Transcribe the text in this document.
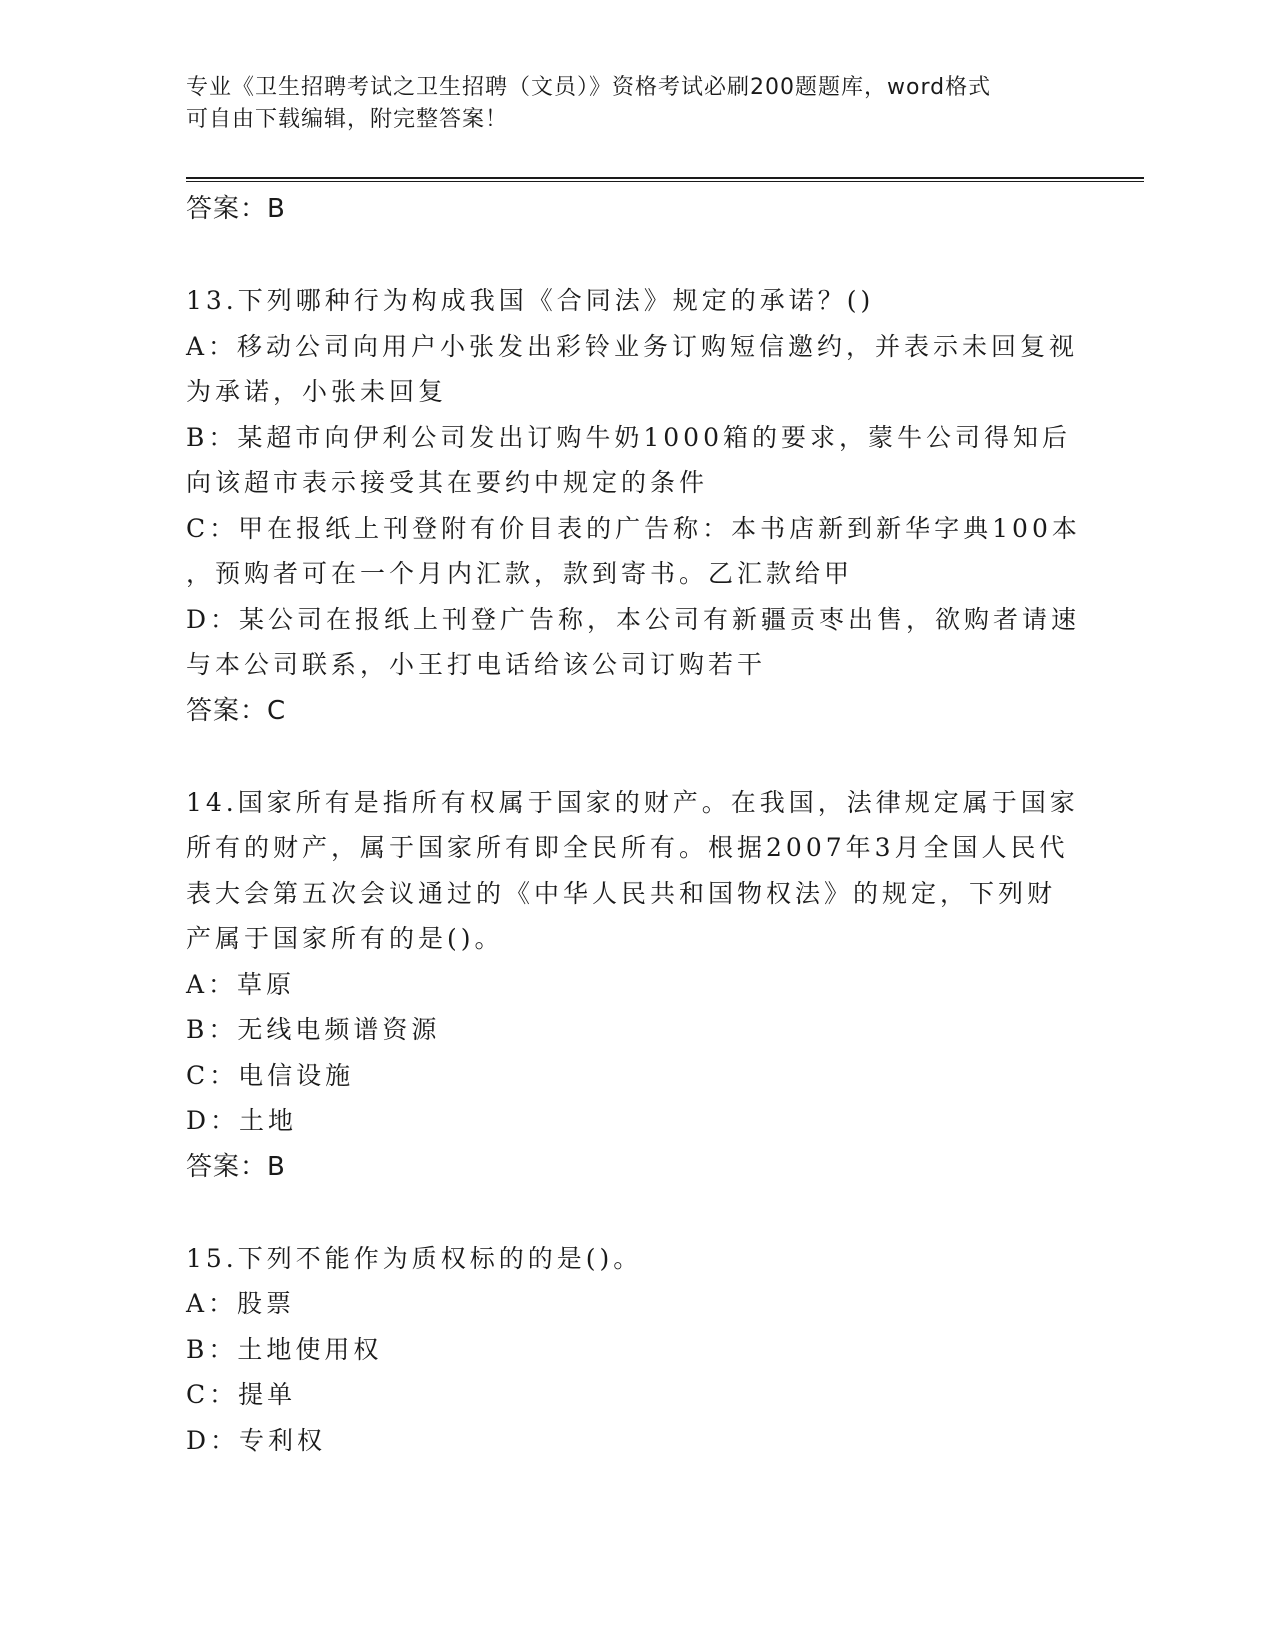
专业《卫生招聘考试之卫生招聘（文员）》资格考试必刷200题题库，word格式
可自由下载编辑，附完整答案！
答案：B
13.下列哪种行为构成我国《合同法》规定的承诺？()
A：移动公司向用户小张发出彩铃业务订购短信邀约，并表示未回复视
为承诺，小张未回复
B：某超市向伊利公司发出订购牛奶1000箱的要求，蒙牛公司得知后
向该超市表示接受其在要约中规定的条件
C：甲在报纸上刊登附有价目表的广告称：本书店新到新华字典100本
，预购者可在一个月内汇款，款到寄书。乙汇款给甲
D：某公司在报纸上刊登广告称，本公司有新疆贡枣出售，欲购者请速
与本公司联系，小王打电话给该公司订购若干
答案：C
14.国家所有是指所有权属于国家的财产。在我国，法律规定属于国家
所有的财产，属于国家所有即全民所有。根据2007年3月全国人民代
表大会第五次会议通过的《中华人民共和国物权法》的规定，下列财
产属于国家所有的是()。
A：草原
B：无线电频谱资源
C：电信设施
D：土地
答案：B
15.下列不能作为质权标的的是()。
A：股票
B：土地使用权
C：提单
D：专利权
